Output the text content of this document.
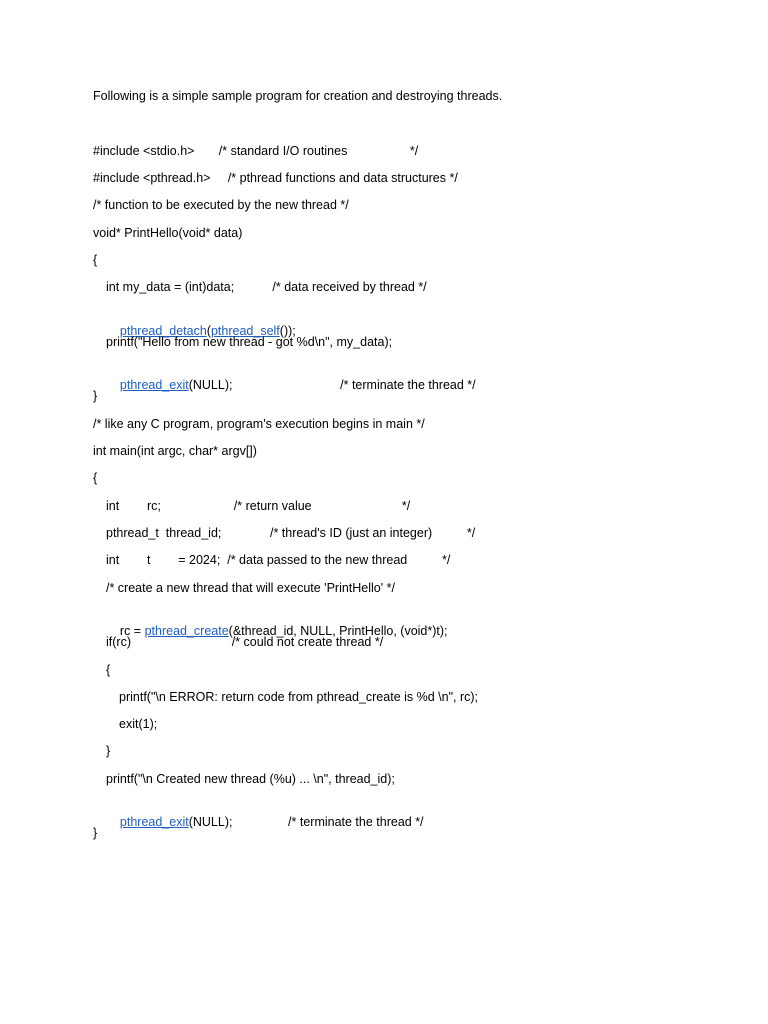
Following is a simple sample program for creation and destroying threads.
#include <stdio.h>       /* standard I/O routines                  */
#include <pthread.h>     /* pthread functions and data structures */
/* function to be executed by the new thread */
void* PrintHello(void* data)
{
int my_data = (int)data;           /* data received by thread */

pthread_detach(pthread_self());

printf("Hello from new thread - got %d\n", my_data);

pthread_exit(NULL);                               /* terminate the thread */

}
/* like any C program, program's execution begins in main */
int main(int argc, char* argv[])
{
int        rc;                     /* return value                          */
pthread_t  thread_id;              /* thread's ID (just an integer)          */
int        t        = 2024;  /* data passed to the new thread          */
/* create a new thread that will execute 'PrintHello' */

rc = pthread_create(&thread_id, NULL, PrintHello, (void*)t);

if(rc)                             /* could not create thread */
{
printf("\n ERROR: return code from pthread_create is %d \n", rc);
exit(1);
}
printf("\n Created new thread (%u) ... \n", thread_id);

pthread_exit(NULL);                /* terminate the thread */

}
